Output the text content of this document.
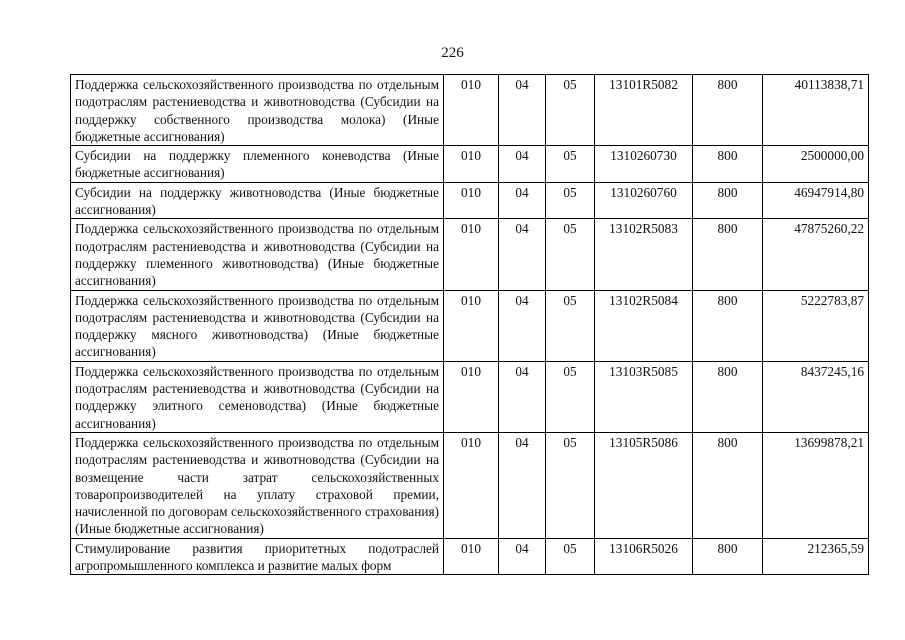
226
Поддержка сельскохозяйственного производства по отдельным подотраслям растениеводства и животноводства (Субсидии на поддержку собственного производства молока) (Иные бюджетные ассигнования)	010	04	05	13101R5082	800	40113838,71
Субсидии на поддержку племенного коневодства (Иные бюджетные ассигнования)	010	04	05	1310260730	800	2500000,00
Субсидии на поддержку животноводства (Иные бюджетные ассигнования)	010	04	05	1310260760	800	46947914,80
Поддержка сельскохозяйственного производства по отдельным подотраслям растениеводства и животноводства (Субсидии на поддержку племенного животноводства) (Иные бюджетные ассигнования)	010	04	05	13102R5083	800	47875260,22
Поддержка сельскохозяйственного производства по отдельным подотраслям растениеводства и животноводства (Субсидии на поддержку мясного животноводства) (Иные бюджетные ассигнования)	010	04	05	13102R5084	800	5222783,87
Поддержка сельскохозяйственного производства по отдельным подотраслям растениеводства и животноводства (Субсидии на поддержку элитного семеноводства) (Иные бюджетные ассигнования)	010	04	05	13103R5085	800	8437245,16
Поддержка сельскохозяйственного производства по отдельным подотраслям растениеводства и животноводства (Субсидии на возмещение части затрат сельскохозяйственных товаропроизводителей на уплату страховой премии, начисленной по договорам сельскохозяйственного страхования) (Иные бюджетные ассигнования)	010	04	05	13105R5086	800	13699878,21
Стимулирование развития приоритетных подотраслей агропромышленного комплекса и развитие малых форм	010	04	05	13106R5026	800	212365,59
